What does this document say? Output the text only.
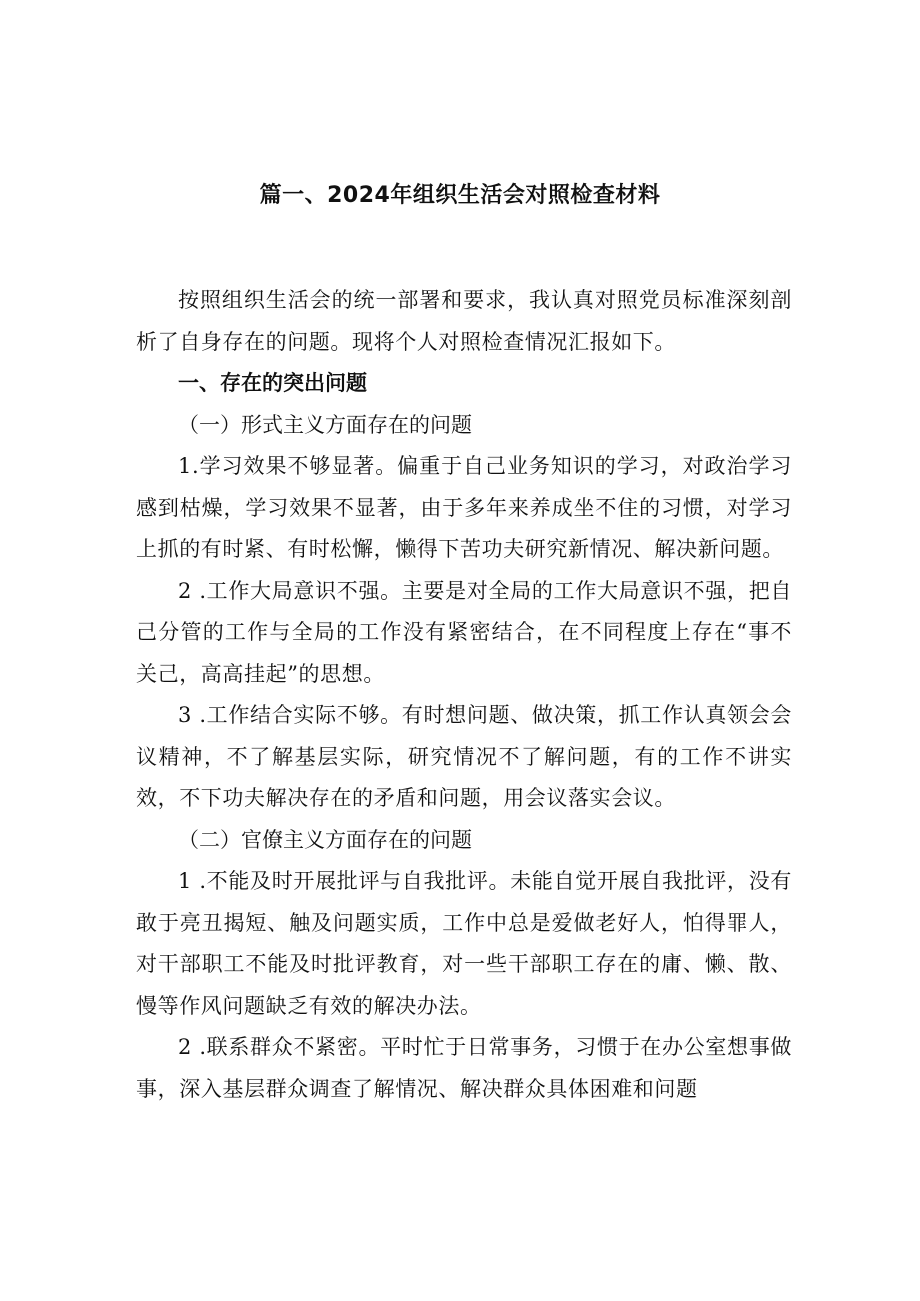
篇一、2024年组织生活会对照检查材料

按照组织生活会的统一部署和要求，我认真对照党员标准深刻剖析了自身存在的问题。现将个人对照检查情况汇报如下。

一、存在的突出问题

（一）形式主义方面存在的问题

1.学习效果不够显著。偏重于自己业务知识的学习，对政治学习感到枯燥，学习效果不显著，由于多年来养成坐不住的习惯，对学习上抓的有时紧、有时松懈，懒得下苦功夫研究新情况、解决新问题。

2 .工作大局意识不强。主要是对全局的工作大局意识不强，把自己分管的工作与全局的工作没有紧密结合，在不同程度上存在“事不关己，高高挂起”的思想。

3 .工作结合实际不够。有时想问题、做决策，抓工作认真领会会议精神，不了解基层实际，研究情况不了解问题，有的工作不讲实效，不下功夫解决存在的矛盾和问题，用会议落实会议。

（二）官僚主义方面存在的问题

1 .不能及时开展批评与自我批评。未能自觉开展自我批评，没有敢于亮丑揭短、触及问题实质，工作中总是爱做老好人，怕得罪人，对干部职工不能及时批评教育，对一些干部职工存在的庸、懒、散、慢等作风问题缺乏有效的解决办法。

2 .联系群众不紧密。平时忙于日常事务，习惯于在办公室想事做事，深入基层群众调查了解情况、解决群众具体困难和问题
